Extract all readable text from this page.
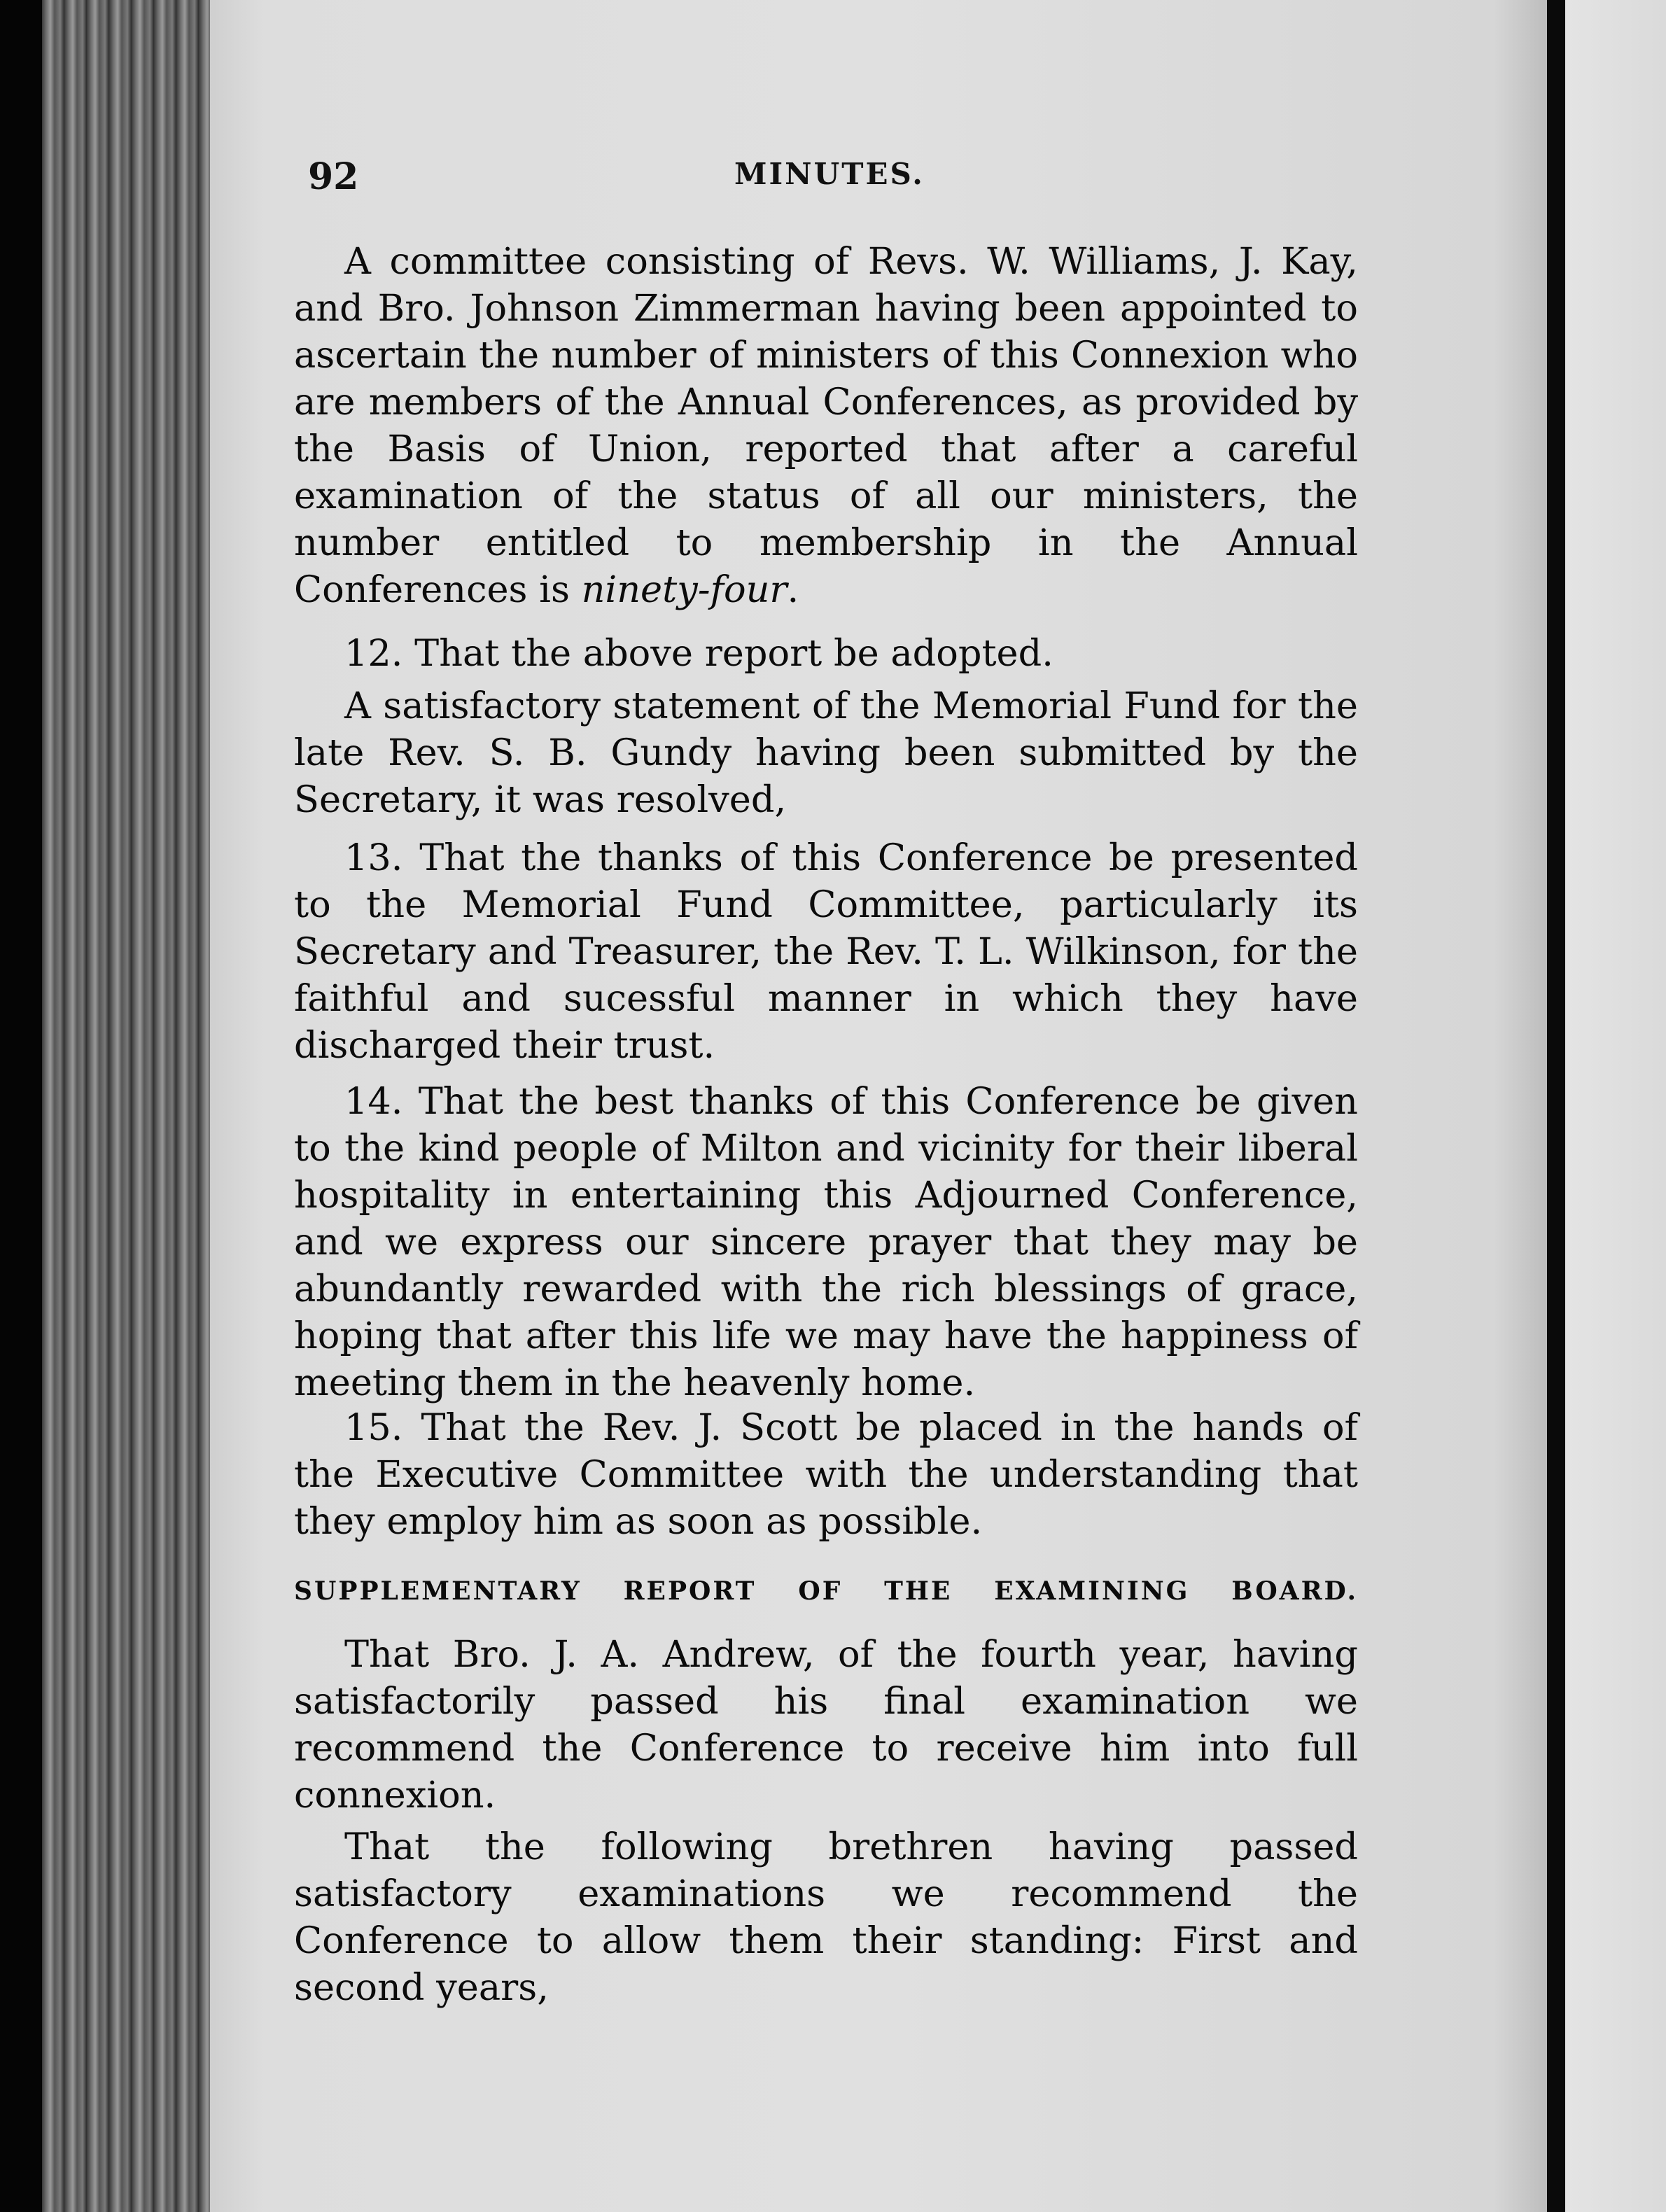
92	MINUTES.

A committee consisting of Revs. W. Williams, J. Kay, and Bro. Johnson Zimmerman having been appointed to ascertain the number of ministers of this Connexion who are members of the Annual Conferences, as provided by the Basis of Union, reported that after a careful examination of the status of all our ministers, the number entitled to membership in the Annual Conferences is ninety-four.

12. That the above report be adopted.

A satisfactory statement of the Memorial Fund for the late Rev. S. B. Gundy having been submitted by the Secretary, it was resolved,

13. That the thanks of this Conference be presented to the Memorial Fund Committee, particularly its Secretary and Treasurer, the Rev. T. L. Wilkinson, for the faithful and sucessful manner in which they have discharged their trust.

14. That the best thanks of this Conference be given to the kind people of Milton and vicinity for their liberal hospitality in entertaining this Adjourned Conference, and we express our sincere prayer that they may be abundantly rewarded with the rich blessings of grace, hoping that after this life we may have the happiness of meeting them in the heavenly home.

15. That the Rev. J. Scott be placed in the hands of the Executive Committee with the understanding that they employ him as soon as possible.

SUPPLEMENTARY REPORT OF THE EXAMINING BOARD.

That Bro. J. A. Andrew, of the fourth year, having satisfactorily passed his final examination we recommend the Conference to receive him into full connexion.

That the following brethren having passed satisfactory examinations we recommend the Conference to allow them their standing: First and second years,
